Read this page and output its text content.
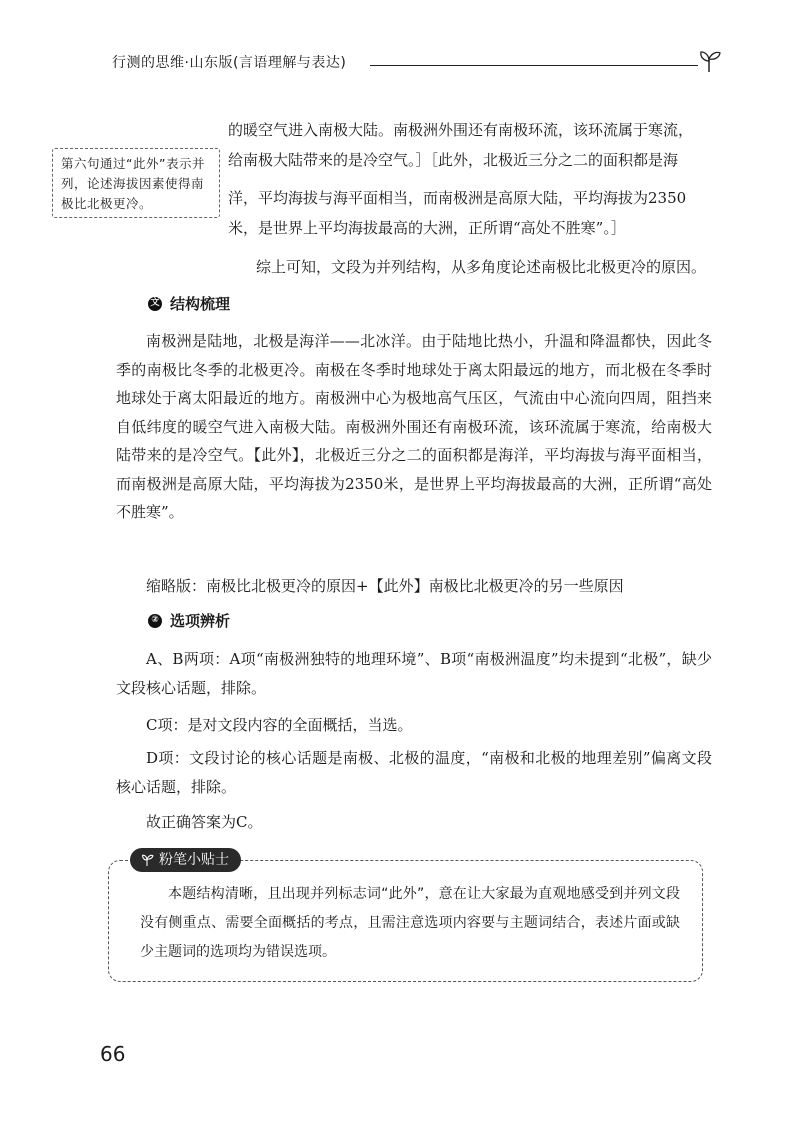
行测的思维·山东版(言语理解与表达)
第六句通过“此外”表示并列，论述海拔因素使得南极比北极更冷。

的暖空气进入南极大陆。南极洲外围还有南极环流，该环流属于寒流，

给南极大陆带来的是冷空气。］［此外，北极近三分之二的面积都是海

洋，平均海拔与海平面相当，而南极洲是高原大陆，平均海拔为2350

米，是世界上平均海拔最高的大洲，正所谓“高处不胜寒”。］

综上可知，文段为并列结构，从多角度论述南极比北极更冷的原因。

文 结构梳理

南极洲是陆地，北极是海洋——北冰洋。由于陆地比热小，升温和降温都快，因此冬季的南极比冬季的北极更冷。南极在冬季时地球处于离太阳最远的地方，而北极在冬季时地球处于离太阳最近的地方。南极洲中心为极地高气压区，气流由中心流向四周，阻挡来自低纬度的暖空气进入南极大陆。南极洲外围还有南极环流，该环流属于寒流，给南极大陆带来的是冷空气。【此外】，北极近三分之二的面积都是海洋，平均海拔与海平面相当，而南极洲是高原大陆，平均海拔为2350米，是世界上平均海拔最高的大洲，正所谓“高处不胜寒”。

缩略版：南极比北极更冷的原因+【此外】南极比北极更冷的另一些原因

② 选项辨析

A、B两项：A项“南极洲独特的地理环境”、B项“南极洲温度”均未提到“北极”，缺少文段核心话题，排除。

C项：是对文段内容的全面概括，当选。

D项：文段讨论的核心话题是南极、北极的温度，“南极和北极的地理差别”偏离文段核心话题，排除。

故正确答案为C。

粉笔小贴士

本题结构清晰，且出现并列标志词“此外”，意在让大家最为直观地感受到并列文段没有侧重点、需要全面概括的考点，且需注意选项内容要与主题词结合，表述片面或缺少主题词的选项均为错误选项。

66
